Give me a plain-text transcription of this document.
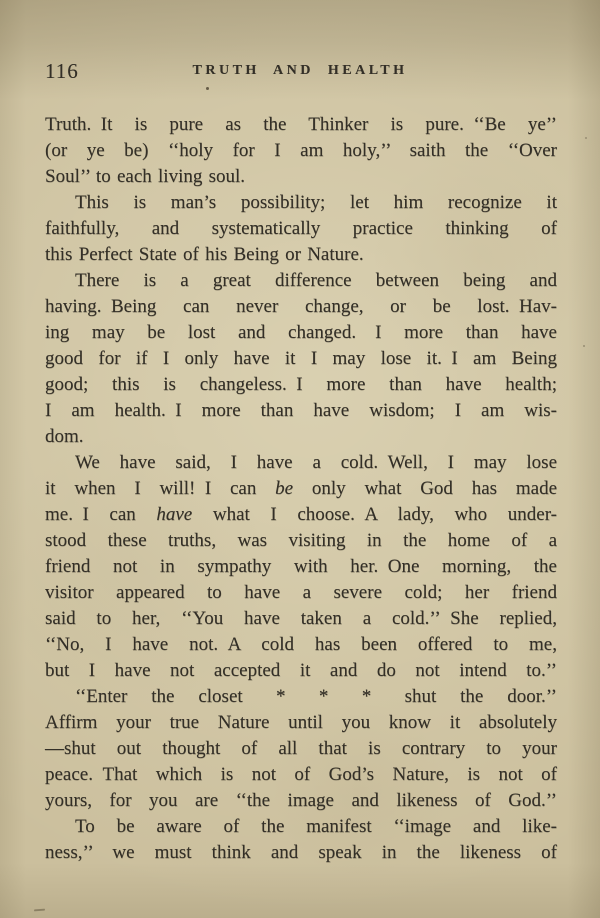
116	TRUTH AND HEALTH
Truth. It is pure as the Thinker is pure. ‘‘Be ye’’
(or ye be) ‘‘holy for I am holy,’’ saith the ‘‘Over
Soul’’ to each living soul.
This is man’s possibility; let him recognize it
faithfully, and systematically practice thinking of
this Perfect State of his Being or Nature.
There is a great difference between being and
having. Being can never change, or be lost. Hav-
ing may be lost and changed.  I more than have
good for if I only have it I may lose it. I am Being
good; this is changeless. I more than have health;
I am health. I more than have wisdom; I am wis-
dom.
We have said, I have a cold. Well, I may lose
it when I will! I can be only what God has made
me. I can have what I choose. A lady, who under-
stood these truths, was visiting in the home of a
friend not in sympathy with her. One morning, the
visitor appeared to have a severe cold; her friend
said to her, ‘‘You have taken a cold.’’ She replied,
‘‘No, I have not. A cold has been offered to me,
but I have not accepted it and do not intend to.’’
‘‘Enter the closet  *  *  *  shut the door.’’
Affirm your true Nature until you know it absolutely
—shut out thought of all that is contrary to your
peace. That which is not of God’s Nature, is not of
yours, for you are ‘‘the image and likeness of God.’’
To be aware of the manifest ‘‘image and like-
ness,’’ we must think and speak in the likeness of
